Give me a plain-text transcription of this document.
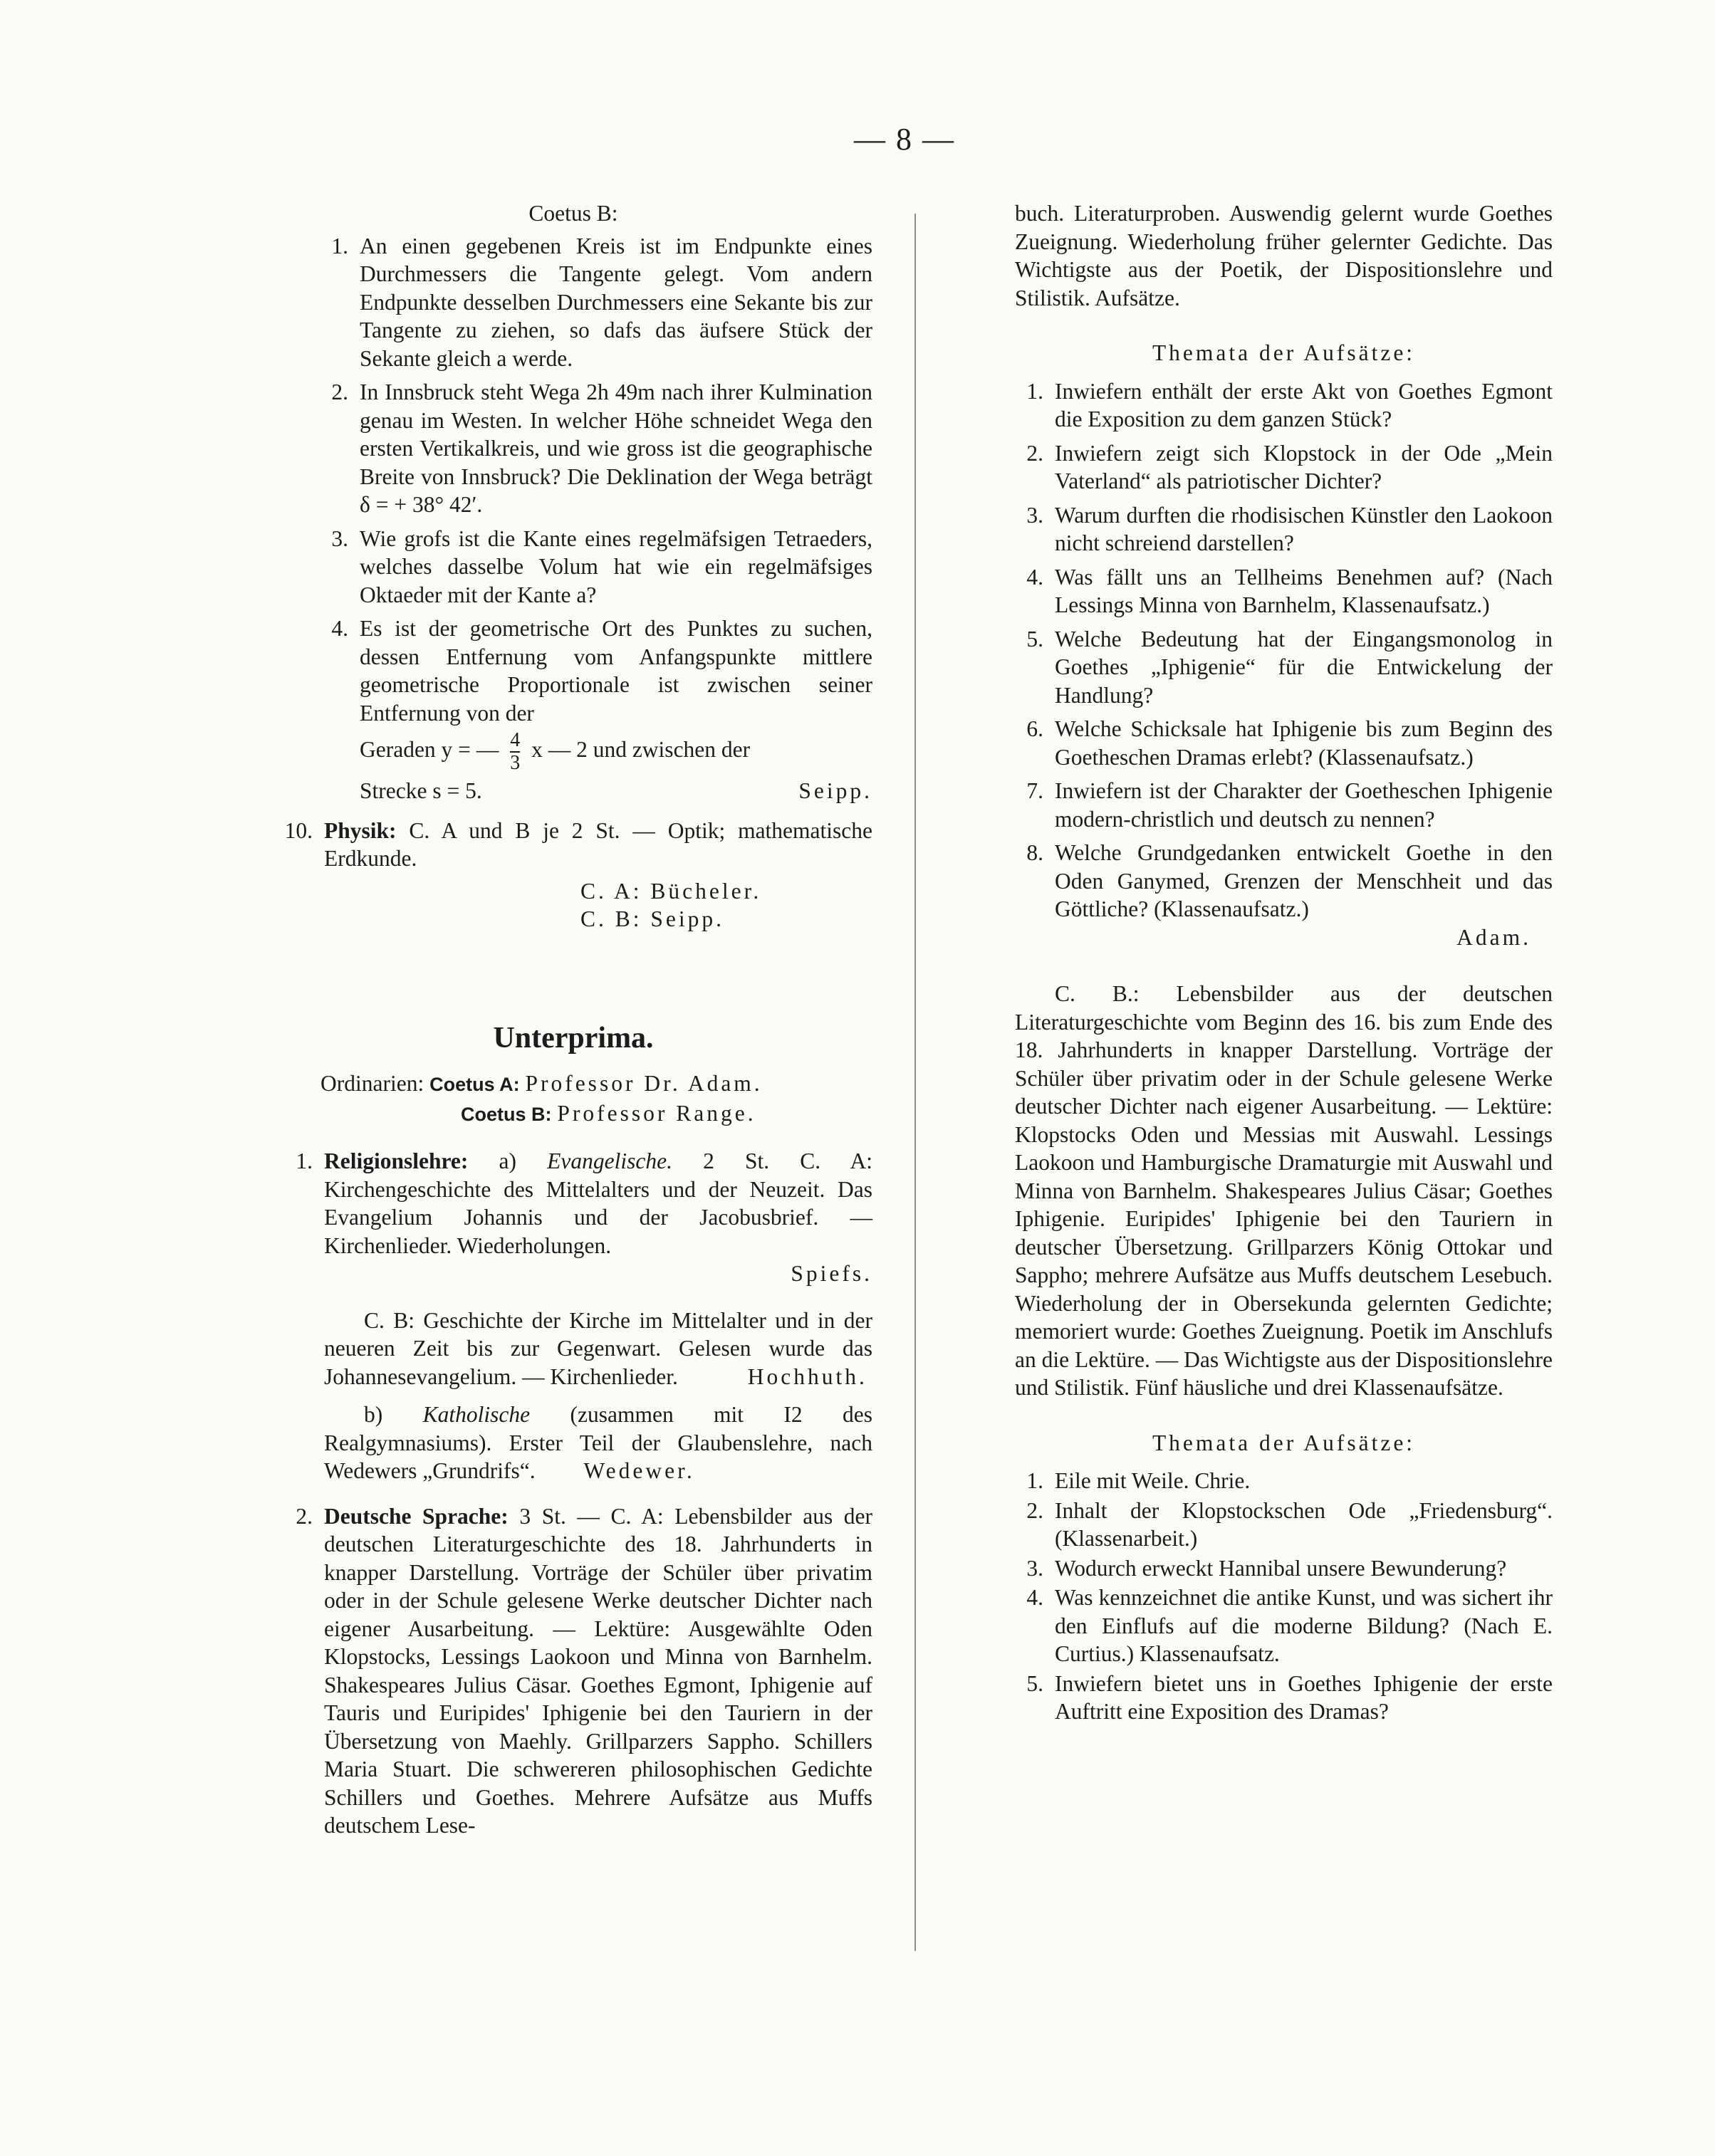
— 8 —

Coetus B:

1. An einen gegebenen Kreis ist im Endpunkte eines Durchmessers die Tangente gelegt. Vom andern Endpunkte desselben Durchmessers eine Sekante bis zur Tangente zu ziehen, so dafs das äufsere Stück der Sekante gleich a werde.
2. In Innsbruck steht Wega 2h 49m nach ihrer Kulmination genau im Westen. In welcher Höhe schneidet Wega den ersten Vertikalkreis, und wie gross ist die geographische Breite von Innsbruck? Die Deklination der Wega beträgt δ = + 38° 42′.
3. Wie grofs ist die Kante eines regelmäfsigen Tetraeders, welches dasselbe Volum hat wie ein regelmäfsiges Oktaeder mit der Kante a?
4. Es ist der geometrische Ort des Punktes zu suchen, dessen Entfernung vom Anfangspunkte mittlere geometrische Proportionale ist zwischen seiner Entfernung von der

Geraden y = — $\frac{4}{3}$ x — 2 und zwischen der

Strecke s = 5.	Seipp.

10. Physik: C. A und B je 2 St. — Optik; mathematische Erdkunde.

C. A: Bücheler.

C. B: Seipp.

Unterprima.

Ordinarien: Coetus A: Professor Dr. Adam.

Coetus B: Professor Range.

1. Religionslehre: a) Evangelische. 2 St. C. A: Kirchengeschichte des Mittelalters und der Neuzeit. Das Evangelium Johannis und der Jacobusbrief. — Kirchenlieder. Wiederholungen.

Spiefs.

C. B: Geschichte der Kirche im Mittelalter und in der neueren Zeit bis zur Gegenwart. Gelesen wurde das Johannesevangelium. — Kirchenlieder.	Hochhuth.

b) Katholische (zusammen mit I2 des Realgymnasiums). Erster Teil der Glaubenslehre, nach Wedewers „Grundrifs“. Wedewer.

2. Deutsche Sprache: 3 St. — C. A: Lebensbilder aus der deutschen Literaturgeschichte des 18. Jahrhunderts in knapper Darstellung. Vorträge der Schüler über privatim oder in der Schule gelesene Werke deutscher Dichter nach eigener Ausarbeitung. — Lektüre: Ausgewählte Oden Klopstocks, Lessings Laokoon und Minna von Barnhelm. Shakespeares Julius Cäsar. Goethes Egmont, Iphigenie auf Tauris und Euripides' Iphigenie bei den Tauriern in der Übersetzung von Maehly. Grillparzers Sappho. Schillers Maria Stuart. Die schwereren philosophischen Gedichte Schillers und Goethes. Mehrere Aufsätze aus Muffs deutschem Lese-

buch. Literaturproben. Auswendig gelernt wurde Goethes Zueignung. Wiederholung früher gelernter Gedichte. Das Wichtigste aus der Poetik, der Dispositionslehre und Stilistik. Aufsätze.

Themata der Aufsätze:

1. Inwiefern enthält der erste Akt von Goethes Egmont die Exposition zu dem ganzen Stück?
2. Inwiefern zeigt sich Klopstock in der Ode „Mein Vaterland“ als patriotischer Dichter?
3. Warum durften die rhodisischen Künstler den Laokoon nicht schreiend darstellen?
4. Was fällt uns an Tellheims Benehmen auf? (Nach Lessings Minna von Barnhelm, Klassenaufsatz.)
5. Welche Bedeutung hat der Eingangsmonolog in Goethes „Iphigenie“ für die Entwickelung der Handlung?
6. Welche Schicksale hat Iphigenie bis zum Beginn des Goetheschen Dramas erlebt? (Klassenaufsatz.)
7. Inwiefern ist der Charakter der Goetheschen Iphigenie modern-christlich und deutsch zu nennen?
8. Welche Grundgedanken entwickelt Goethe in den Oden Ganymed, Grenzen der Menschheit und das Göttliche? (Klassenaufsatz.)

Adam.

C. B.: Lebensbilder aus der deutschen Literaturgeschichte vom Beginn des 16. bis zum Ende des 18. Jahrhunderts in knapper Darstellung. Vorträge der Schüler über privatim oder in der Schule gelesene Werke deutscher Dichter nach eigener Ausarbeitung. — Lektüre: Klopstocks Oden und Messias mit Auswahl. Lessings Laokoon und Hamburgische Dramaturgie mit Auswahl und Minna von Barnhelm. Shakespeares Julius Cäsar; Goethes Iphigenie. Euripides' Iphigenie bei den Tauriern in deutscher Übersetzung. Grillparzers König Ottokar und Sappho; mehrere Aufsätze aus Muffs deutschem Lesebuch. Wiederholung der in Obersekunda gelernten Gedichte; memoriert wurde: Goethes Zueignung. Poetik im Anschlufs an die Lektüre. — Das Wichtigste aus der Dispositionslehre und Stilistik. Fünf häusliche und drei Klassenaufsätze.

Themata der Aufsätze:

1. Eile mit Weile. Chrie.
2. Inhalt der Klopstockschen Ode „Friedensburg“. (Klassenarbeit.)
3. Wodurch erweckt Hannibal unsere Bewunderung?
4. Was kennzeichnet die antike Kunst, und was sichert ihr den Einflufs auf die moderne Bildung? (Nach E. Curtius.) Klassenaufsatz.
5. Inwiefern bietet uns in Goethes Iphigenie der erste Auftritt eine Exposition des Dramas?
